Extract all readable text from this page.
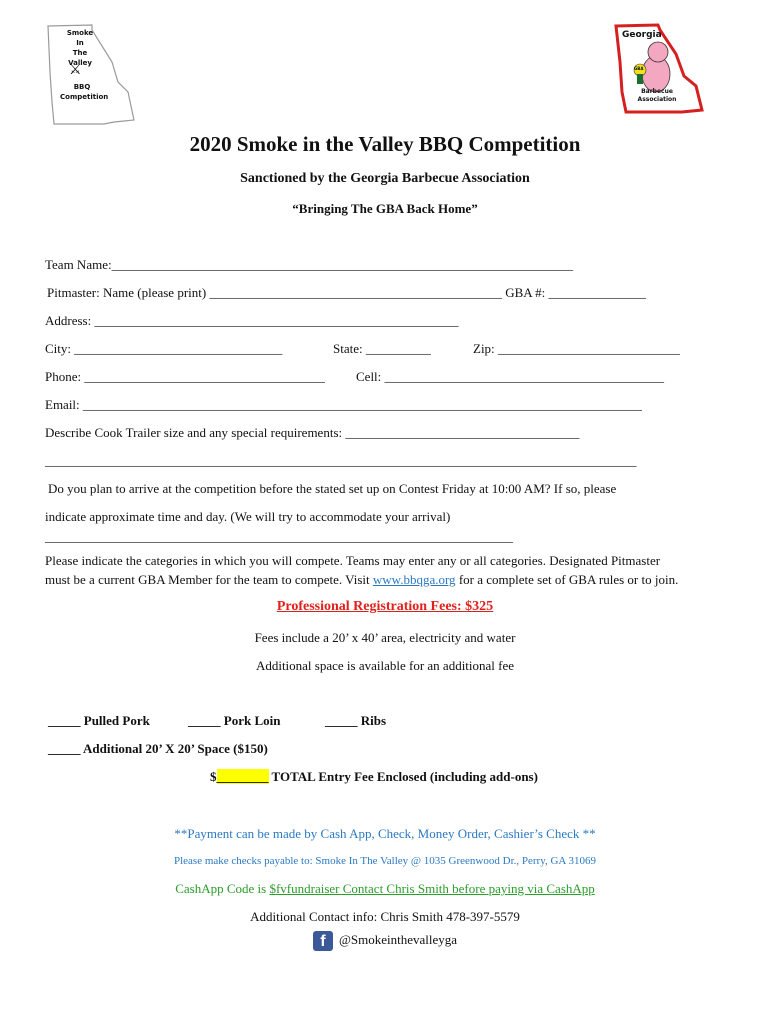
Smoke
In
The Valley
⚔
BBQ
Competition
Georgia
GBA
Barbecue
Association
2020 Smoke in the Valley BBQ Competition
Sanctioned by the Georgia Barbecue Association
“Bringing The GBA Back Home”
Team Name:_______________________________________________________________________
Pitmaster: Name (please print) _____________________________________________ GBA #: _______________
Address: ________________________________________________________
City: ________________________________	State: __________	Zip: ____________________________
Phone: _____________________________________ Cell: ___________________________________________
Email: ______________________________________________________________________________________
Describe Cook Trailer size and any special requirements: ____________________________________
___________________________________________________________________________________________
Do you plan to arrive at the competition before the stated set up on Contest Friday at 10:00 AM? If so, please
indicate approximate time and day. (We will try to accommodate your arrival)
________________________________________________________________________
Please indicate the categories in which you will compete. Teams may enter any or all categories. Designated Pitmaster
must be a current GBA Member for the team to compete. Visit www.bbqga.org for a complete set of GBA rules or to join.
Professional Registration Fees: $325
Fees include a 20’ x 40’ area, electricity and water
Additional space is available for an additional fee
_____ Pulled Pork	_____ Pork Loin	_____ Ribs
_____ Additional 20’ X 20’ Space ($150)
$________ TOTAL Entry Fee Enclosed (including add-ons)
**Payment can be made by Cash App, Check, Money Order, Cashier’s Check **
Please make checks payable to: Smoke In The Valley @ 1035 Greenwood Dr., Perry, GA 31069
CashApp Code is $fvfundraiser Contact Chris Smith before paying via CashApp
Additional Contact info: Chris Smith 478-397-5579
f @Smokeinthevalleyga
